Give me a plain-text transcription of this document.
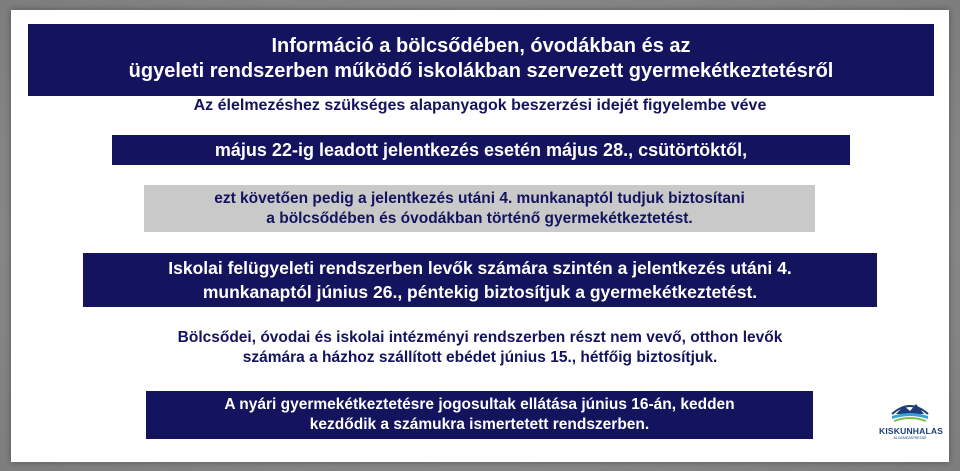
Információ a bölcsődében, óvodákban és az
ügyeleti rendszerben működő iskolákban szervezett gyermekétkeztetésről
Az élelmezéshez szükséges alapanyagok beszerzési idejét figyelembe véve
május 22-ig leadott jelentkezés esetén május 28., csütörtöktől,
ezt követően pedig a jelentkezés utáni 4. munkanaptól tudjuk biztosítani
a bölcsődében és óvodákban történő gyermekétkeztetést.
Iskolai felügyeleti rendszerben levők számára szintén a jelentkezés utáni 4.
munkanaptól június 26., péntekig biztosítjuk a gyermekétkeztetést.
Bölcsődei, óvodai és iskolai intézményi rendszerben részt nem vevő, otthon levők
számára a házhoz szállított ebédet június 15., hétfőig biztosítjuk.
A nyári gyermekétkeztetésre jogosultak ellátása június 16-án, kedden
kezdődik a számukra ismertetett rendszerben.	KISKUNHALAS
ALGEMEZAFRESSÉ
